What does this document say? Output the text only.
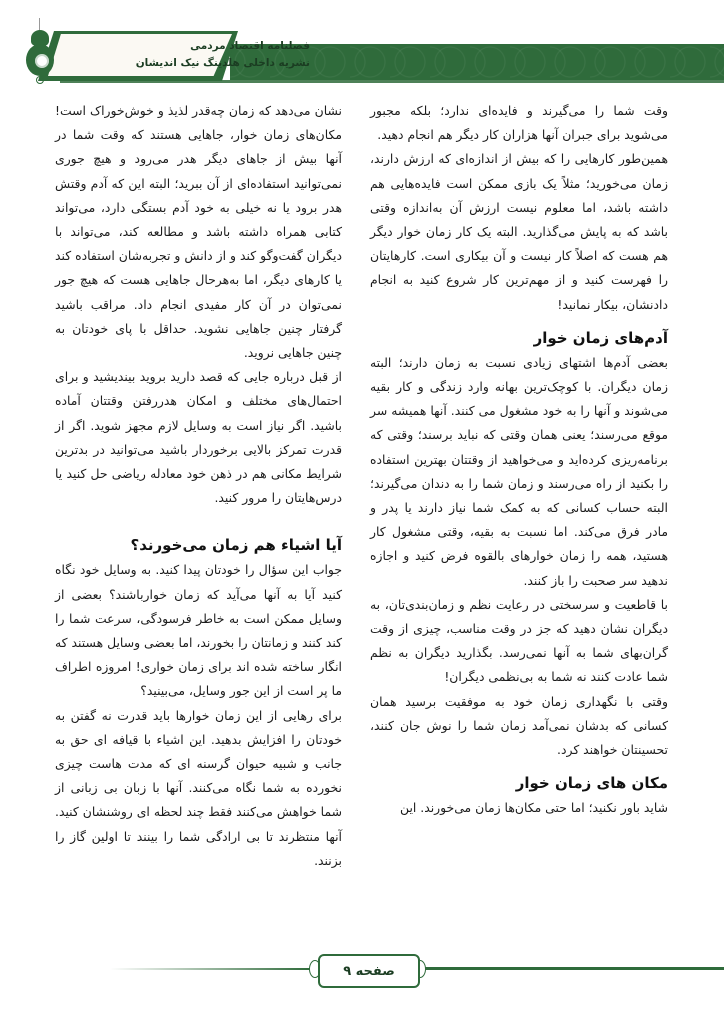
فصلنامه اقتصاد مردمی
نشریه داخلی هلدینگ نیک اندیشان

وقت شما را می‌گیرند و فایده‌ای ندارد؛ بلکه مجبور می‌شوید برای جبران آنها هزاران کار دیگر هم انجام دهید.

همین‌طور کارهایی را که بیش از اندازه‌ای که ارزش دارند، زمان می‌خورید؛ مثلاً یک بازی ممکن است فایده‌هایی هم داشته باشد، اما معلوم نیست ارزش آن به‌اندازه وقتی باشد که به پایش می‌گذارید. البته یک کار زمان خوار دیگر هم هست که اصلاً کار نیست و آن بیکاری است. کارهایتان را فهرست کنید و از مهم‌ترین کار شروع کنید به انجام دادنشان، بیکار نمانید!

آدم‌های زمان خوار

بعضی آدم‌ها اشتهای زیادی نسبت به زمان دارند؛ البته زمان دیگران. با کوچک‌ترین بهانه وارد زندگی و کار بقیه می‌شوند و آنها را به خود مشغول می کنند. آنها همیشه سر موقع می‌رسند؛ یعنی همان وقتی که نباید برسند؛ وقتی که برنامه‌ریزی کرده‌اید و می‌خواهید از وقتتان بهترین استفاده را بکنید از راه می‌رسند و زمان شما را به دندان می‌گیرند؛ البته حساب کسانی که به کمک شما نیاز دارند یا پدر و مادر فرق می‌کند. اما نسبت به بقیه، وقتی مشغول کار هستید، همه را زمان خوارهای بالقوه فرض کنید و اجازه ندهید سر صحبت را باز کنند.

با قاطعیت و سرسختی در رعایت نظم و زمان‌بندی‌تان، به دیگران نشان دهید که جز در وقت مناسب، چیزی از وقت گران‌بهای شما به آنها نمی‌رسد. بگذارید دیگران به نظم شما عادت کنند نه شما به بی‌نظمی دیگران!

وقتی با نگهداری زمان خود به موفقیت برسید همان کسانی که بدشان نمی‌آمد زمان شما را نوش جان کنند، تحسینتان خواهند کرد.

مکان های زمان خوار

شاید باور نکنید؛ اما حتی مکان‌ها زمان می‌خورند. این

نشان می‌دهد که زمان چه‌قدر لذیذ و خوش‌خوراک است! مکان‌های زمان خوار، جاهایی هستند که وقت شما در آنها بیش از جاهای دیگر هدر می‌رود و هیچ جوری نمی‌توانید استفاده‌ای از آن ببرید؛ البته این که آدم وقتش هدر برود یا نه خیلی به خود آدم بستگی دارد، می‌تواند کتابی همراه داشته باشد و مطالعه کند، می‌تواند با دیگران گفت‌وگو کند و از دانش و تجربه‌شان استفاده کند یا کارهای دیگر، اما به‌هرحال جاهایی هست که هیچ جور نمی‌توان در آن کار مفیدی انجام داد. مراقب باشید گرفتار چنین جاهایی نشوید. حداقل با پای خودتان به چنین جاهایی نروید.

از قبل درباره جایی که قصد دارید بروید بیندیشید و برای احتمال‌های مختلف و امکان هدررفتن وقتتان آماده باشید. اگر نیاز است به وسایل لازم مجهز شوید. اگر از قدرت تمرکز بالایی برخوردار باشید می‌توانید در بدترین شرایط مکانی هم در ذهن خود معادله ریاضی حل کنید یا درس‌هایتان را مرور کنید.

آیا اشیاء هم زمان می‌خورند؟

جواب این سؤال را خودتان پیدا کنید. به وسایل خود نگاه کنید آیا به آنها می‌آید که زمان خوارباشند؟ بعضی از وسایل ممکن است به خاطر فرسودگی، سرعت شما را کند کنند و زمانتان را بخورند، اما بعضی وسایل هستند که انگار ساخته شده اند برای زمان خواری! امروزه اطراف ما پر است از این جور وسایل، می‌بینید؟

برای رهایی از این زمان خوارها باید قدرت نه گفتن به خودتان را افزایش بدهید. این اشیاء با قیافه ای حق به جانب و شبیه حیوان گرسنه ای که مدت هاست چیزی نخورده به شما نگاه می‌کنند. آنها با زبان بی زبانی از شما خواهش می‌کنند فقط چند لحظه ای روشنشان کنید. آنها منتظرند تا بی ارادگی شما را بینند تا اولین گاز را بزنند.

صفحه ۹
